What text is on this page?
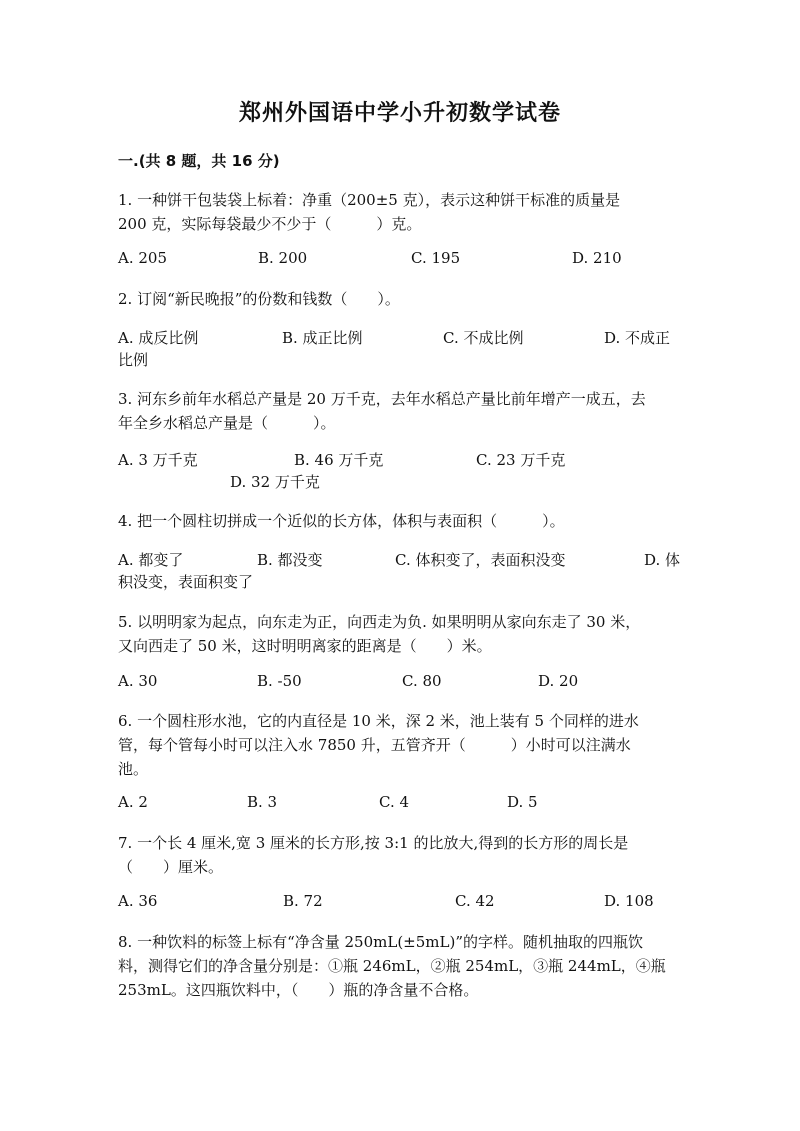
郑州外国语中学小升初数学试卷
一.(共 8 题，共 16 分)
1. 一种饼干包装袋上标着：净重（200±5 克），表示这种饼干标准的质量是
200 克，实际每袋最少不少于（　　　）克。
A. 205	B. 200	C. 195	D. 210
2. 订阅“新民晚报”的份数和钱数（　　）。
A. 成反比例	B. 成正比例	C. 不成比例	D. 不成正
比例
3. 河东乡前年水稻总产量是 20 万千克，去年水稻总产量比前年增产一成五，去
年全乡水稻总产量是（　　　）。
A. 3 万千克	B. 46 万千克	C. 23 万千克
D. 32 万千克
4. 把一个圆柱切拼成一个近似的长方体，体积与表面积（　　　）。
A. 都变了	B. 都没变	C. 体积变了，表面积没变	D. 体
积没变，表面积变了
5. 以明明家为起点，向东走为正，向西走为负. 如果明明从家向东走了 30 米，
又向西走了 50 米，这时明明离家的距离是（　　）米。
A. 30	B. -50	C. 80	D. 20
6. 一个圆柱形水池，它的内直径是 10 米，深 2 米，池上装有 5 个同样的进水
管，每个管每小时可以注入水 7850 升，五管齐开（　　　）小时可以注满水
池。
A. 2	B. 3	C. 4	D. 5
7. 一个长 4 厘米,宽 3 厘米的长方形,按 3:1 的比放大,得到的长方形的周长是
（　　）厘米。
A. 36	B. 72	C. 42	D. 108
8. 一种饮料的标签上标有“净含量 250mL(±5mL)”的字样。随机抽取的四瓶饮
料，测得它们的净含量分别是：①瓶 246mL，②瓶 254mL，③瓶 244mL，④瓶
253mL。这四瓶饮料中，（　　）瓶的净含量不合格。
